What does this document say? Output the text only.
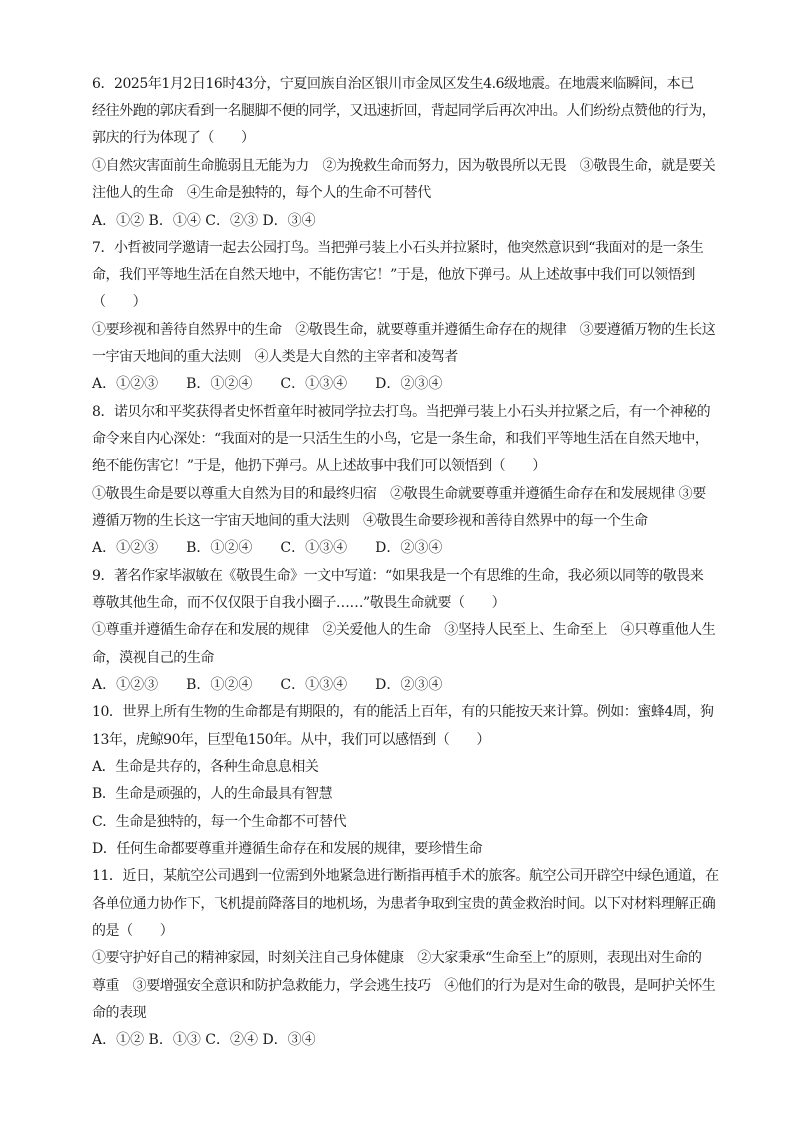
6．2025年1月2日16时43分，宁夏回族自治区银川市金凤区发生4.6级地震。在地震来临瞬间，本已
经往外跑的郭庆看到一名腿脚不便的同学，又迅速折回，背起同学后再次冲出。人们纷纷点赞他的行为，
郭庆的行为体现了（　　）
①自然灾害面前生命脆弱且无能为力　②为挽救生命而努力，因为敬畏所以无畏　③敬畏生命，就是要关
注他人的生命　④生命是独特的，每个人的生命不可替代
A．①② B．①④ C．②③ D．③④
7．小哲被同学邀请一起去公园打鸟。当把弹弓装上小石头并拉紧时，他突然意识到“我面对的是一条生
命，我们平等地生活在自然天地中，不能伤害它！”于是，他放下弹弓。从上述故事中我们可以领悟到
（　　）
①要珍视和善待自然界中的生命　②敬畏生命，就要尊重并遵循生命存在的规律　③要遵循万物的生长这
一宇宙天地间的重大法则　④人类是大自然的主宰者和凌驾者
A．①②③　　B．①②④　　C．①③④　　D．②③④
8．诺贝尔和平奖获得者史怀哲童年时被同学拉去打鸟。当把弹弓装上小石头并拉紧之后，有一个神秘的
命令来自内心深处：“我面对的是一只活生生的小鸟，它是一条生命，和我们平等地生活在自然天地中，
绝不能伤害它！”于是，他扔下弹弓。从上述故事中我们可以领悟到（　　）
①敬畏生命是要以尊重大自然为目的和最终归宿　②敬畏生命就要尊重并遵循生命存在和发展规律 ③要
遵循万物的生长这一宇宙天地间的重大法则　④敬畏生命要珍视和善待自然界中的每一个生命
A．①②③　　B．①②④　　C．①③④　　D．②③④
9．著名作家毕淑敏在《敬畏生命》一文中写道：“如果我是一个有思维的生命，我必须以同等的敬畏来
尊敬其他生命，而不仅仅限于自我小圈子……”敬畏生命就要（　　）
①尊重并遵循生命存在和发展的规律　②关爱他人的生命　③坚持人民至上、生命至上　④只尊重他人生
命，漠视自己的生命
A．①②③　　B．①②④　　C．①③④　　D．②③④
10．世界上所有生物的生命都是有期限的，有的能活上百年，有的只能按天来计算。例如：蜜蜂4周，狗
13年，虎鲸90年，巨型龟150年。从中，我们可以感悟到（　　）
A．生命是共存的，各种生命息息相关
B．生命是顽强的，人的生命最具有智慧
C．生命是独特的，每一个生命都不可替代
D．任何生命都要尊重并遵循生命存在和发展的规律，要珍惜生命
11．近日，某航空公司遇到一位需到外地紧急进行断指再植手术的旅客。航空公司开辟空中绿色通道，在
各单位通力协作下，飞机提前降落目的地机场，为患者争取到宝贵的黄金救治时间。以下对材料理解正确
的是（　　）
①要守护好自己的精神家园，时刻关注自己身体健康　②大家秉承“生命至上”的原则，表现出对生命的
尊重　③要增强安全意识和防护急救能力，学会逃生技巧　④他们的行为是对生命的敬畏，是呵护关怀生
命的表现
A．①② B．①③ C．②④ D．③④
